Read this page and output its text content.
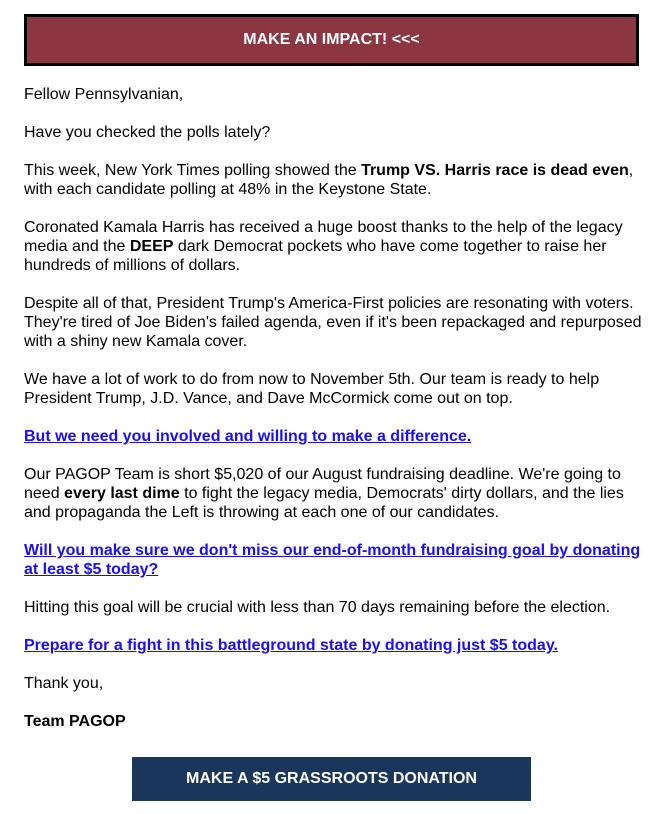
MAKE AN IMPACT! <<<

Fellow Pennsylvanian,

Have you checked the polls lately?

This week, New York Times polling showed the Trump VS. Harris race is dead even, with each candidate polling at 48% in the Keystone State.

Coronated Kamala Harris has received a huge boost thanks to the help of the legacy media and the DEEP dark Democrat pockets who have come together to raise her hundreds of millions of dollars.

Despite all of that, President Trump's America-First policies are resonating with voters. They're tired of Joe Biden's failed agenda, even if it's been repackaged and repurposed with a shiny new Kamala cover.

We have a lot of work to do from now to November 5th. Our team is ready to help President Trump, J.D. Vance, and Dave McCormick come out on top.

But we need you involved and willing to make a difference.

Our PAGOP Team is short $5,020 of our August fundraising deadline. We're going to need every last dime to fight the legacy media, Democrats' dirty dollars, and the lies and propaganda the Left is throwing at each one of our candidates.

Will you make sure we don't miss our end-of-month fundraising goal by donating at least $5 today?

Hitting this goal will be crucial with less than 70 days remaining before the election.

Prepare for a fight in this battleground state by donating just $5 today.

Thank you,

Team PAGOP

MAKE A $5 GRASSROOTS DONATION
